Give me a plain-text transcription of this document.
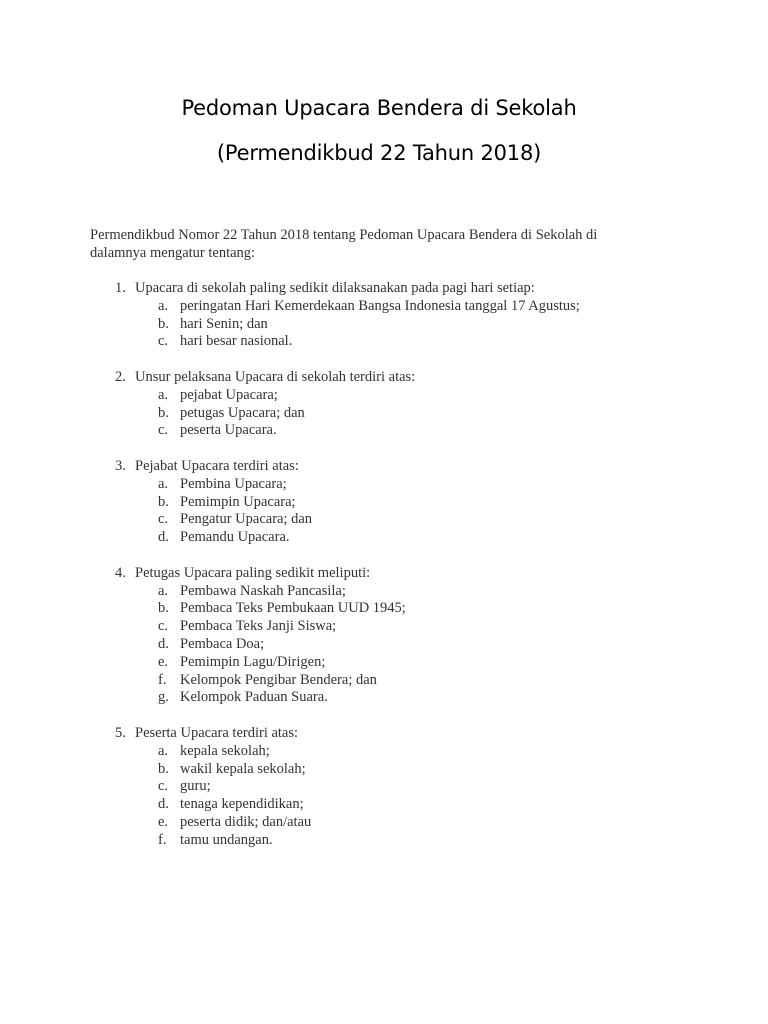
Pedoman Upacara Bendera di Sekolah
(Permendikbud 22 Tahun 2018)
Permendikbud Nomor 22 Tahun 2018 tentang Pedoman Upacara Bendera di Sekolah di
dalamnya mengatur tentang:
1. Upacara di sekolah paling sedikit dilaksanakan pada pagi hari setiap:
a. peringatan Hari Kemerdekaan Bangsa Indonesia tanggal 17 Agustus;
b. hari Senin; dan
c. hari besar nasional.
2. Unsur pelaksana Upacara di sekolah terdiri atas:
a. pejabat Upacara;
b. petugas Upacara; dan
c. peserta Upacara.
3. Pejabat Upacara terdiri atas:
a. Pembina Upacara;
b. Pemimpin Upacara;
c. Pengatur Upacara; dan
d. Pemandu Upacara.
4. Petugas Upacara paling sedikit meliputi:
a. Pembawa Naskah Pancasila;
b. Pembaca Teks Pembukaan UUD 1945;
c. Pembaca Teks Janji Siswa;
d. Pembaca Doa;
e. Pemimpin Lagu/Dirigen;
f. Kelompok Pengibar Bendera; dan
g. Kelompok Paduan Suara.
5. Peserta Upacara terdiri atas:
a. kepala sekolah;
b. wakil kepala sekolah;
c. guru;
d. tenaga kependidikan;
e. peserta didik; dan/atau
f. tamu undangan.
